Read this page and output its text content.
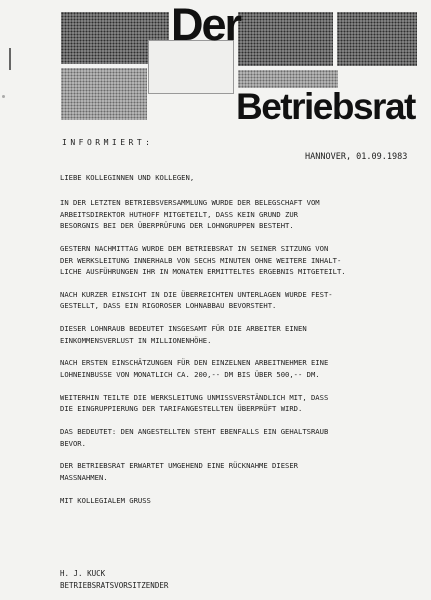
Der
Betriebsrat
INFORMIERT:
HANNOVER, 01.09.1983

LIEBE KOLLEGINNEN UND KOLLEGEN,

IN DER LETZTEN BETRIEBSVERSAMMLUNG WURDE DER BELEGSCHAFT VOM
ARBEITSDIREKTOR HUTHOFF MITGETEILT, DASS KEIN GRUND ZUR
BESORGNIS BEI DER ÜBERPRÜFUNG DER LOHNGRUPPEN BESTEHT.

GESTERN NACHMITTAG WURDE DEM BETRIEBSRAT IN SEINER SITZUNG VON
DER WERKSLEITUNG INNERHALB VON SECHS MINUTEN OHNE WEITERE INHALT-
LICHE AUSFÜHRUNGEN IHR IN MONATEN ERMITTELTES ERGEBNIS MITGETEILT.

NACH KURZER EINSICHT IN DIE ÜBERREICHTEN UNTERLAGEN WURDE FEST-
GESTELLT, DASS EIN RIGOROSER LOHNABBAU BEVORSTEHT.

DIESER LOHNRAUB BEDEUTET INSGESAMT FÜR DIE ARBEITER EINEN
EINKOMMENSVERLUST IN MILLIONENHÖHE.

NACH ERSTEN EINSCHÄTZUNGEN FÜR DEN EINZELNEN ARBEITNEHMER EINE
LOHNEINBUSSE VON MONATLICH CA. 200,-- DM BIS ÜBER 500,-- DM.

WEITERHIN TEILTE DIE WERKSLEITUNG UNMISSVERSTÄNDLICH MIT, DASS
DIE EINGRUPPIERUNG DER TARIFANGESTELLTEN ÜBERPRÜFT WIRD.

DAS BEDEUTET: DEN ANGESTELLTEN STEHT EBENFALLS EIN GEHALTSRAUB
BEVOR.

DER BETRIEBSRAT ERWARTET UMGEHEND EINE RÜCKNAHME DIESER
MASSNAHMEN.

MIT KOLLEGIALEM GRUSS

H. J. KUCK
BETRIEBSRATSVORSITZENDER
